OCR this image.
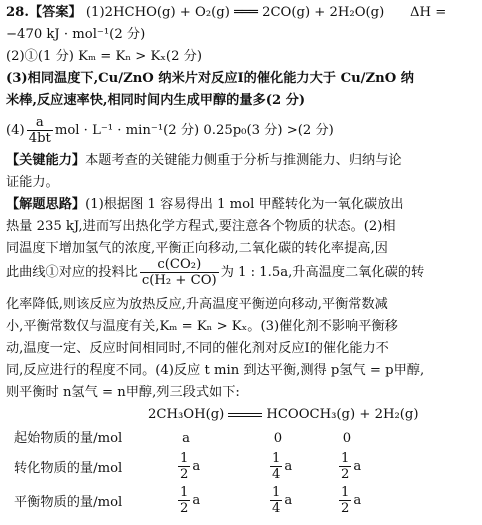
28.【答案】 (1)2HCHO(g) + O₂(g) ═══ 2CO(g) + 2H₂O(g) ΔH =
−470 kJ · mol⁻¹(2 分)
(2)①(1 分) Kₘ = Kₙ > Kₓ(2 分)
(3)相同温度下,Cu/ZnO 纳米片对反应Ⅰ的催化能力大于 Cu/ZnO 纳
米棒,反应速率快,相同时间内生成甲醇的量多(2 分)
$(4) \frac{a}{4bt}$ mol · L⁻¹ · min⁻¹(2 分) 0.25p₀(3 分) >(2 分)
【关键能力】本题考查的关键能力侧重于分析与推测能力、归纳与论
证能力。
【解题思路】(1)根据图 1 容易得出 1 mol 甲醛转化为一氧化碳放出
热量 235 kJ,进而写出热化学方程式,要注意各个物质的状态。(2)相
同温度下增加氢气的浓度,平衡正向移动,二氧化碳的转化率提高,因
此曲线①对应的投料比 $\frac{\text{c(CO₂)}}{\text{c(H₂ + CO)}}$ 为 1 : 1.5a,升高温度二氧化碳的转
化率降低,则该反应为放热反应,升高温度平衡逆向移动,平衡常数减
小,平衡常数仅与温度有关,Kₘ = Kₙ > Kₓ。(3)催化剂不影响平衡移
动,温度一定、反应时间相同时,不同的催化剂对反应Ⅰ的催化能力不
同,反应进行的程度不同。(4)反应 t min 到达平衡,测得 p氢气 = p甲醇,
则平衡时 n氢气 = n甲醇,列三段式如下:
2CH₃OH(g)	HCOOCH₃(g) + 2H₂(g)
起始物质的量/mol	a	0	0
转化物质的量/mol	$\frac{1}{2}$ a	$\frac{1}{4}$ a	$\frac{1}{2}$ a
平衡物质的量/mol	$\frac{1}{2}$ a	$\frac{1}{4}$ a	$\frac{1}{2}$ a
